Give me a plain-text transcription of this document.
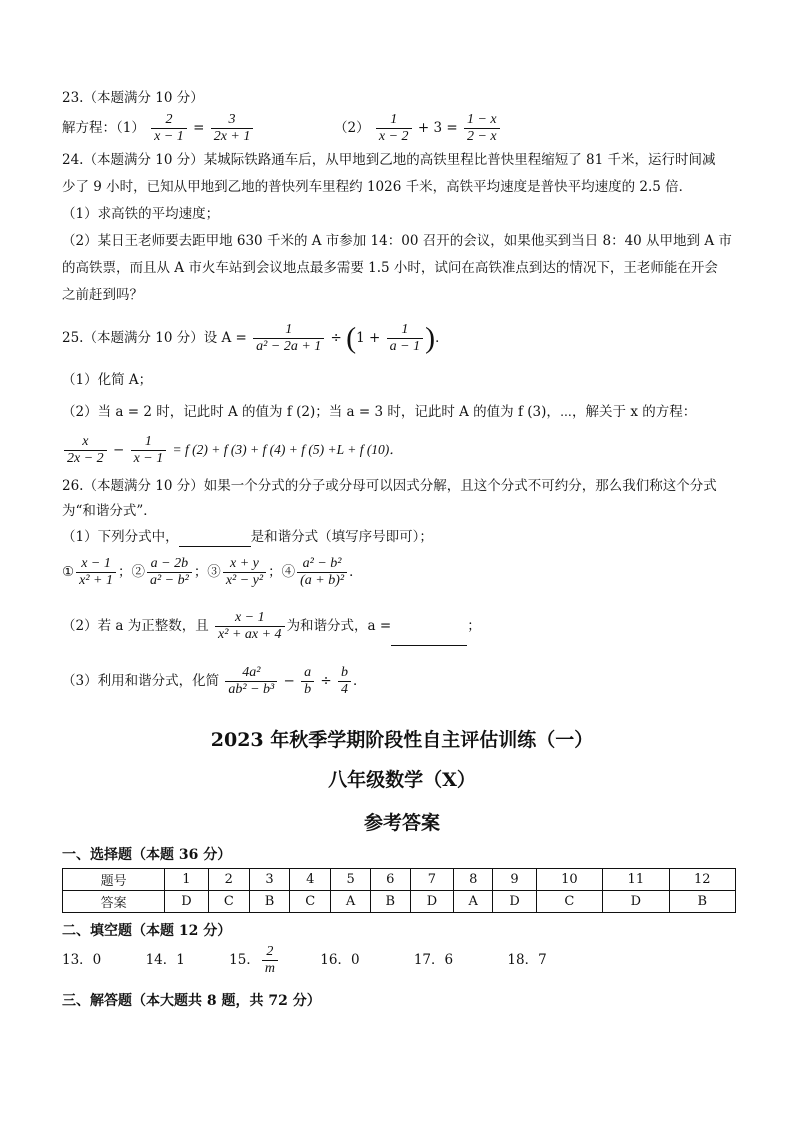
23.（本题满分 10 分）
解方程：$(1) \frac{2}{x - 1} = \frac{3}{2x + 1}$	$(2) \frac{1}{x - 2} + 3 = \frac{1 - x}{2 - x}$
24.（本题满分 10 分）某城际铁路通车后，从甲地到乙地的高铁里程比普快里程缩短了 81 千米，运行时间减
少了 9 小时，已知从甲地到乙地的普快列车里程约 1026 千米，高铁平均速度是普快平均速度的 2.5 倍．
（1）求高铁的平均速度；
（2）某日王老师要去距甲地 630 千米的 A 市参加 14：00 召开的会议，如果他买到当日 8：40 从甲地到 A 市
的高铁票，而且从 A 市火车站到会议地点最多需要 1.5 小时，试问在高铁准点到达的情况下，王老师能在开会
之前赶到吗？
25.（本题满分 10 分）设 $A = \frac{1}{\text{a² − 2a + 1}} \div (1 + \frac{1}{a - 1}$ )．
（1）化简 A；
（2）当 a = 2 时，记此时 A 的值为 f (2)；当 a = 3 时，记此时 A 的值为 f (3)，⋯，解关于 x 的方程：
$\frac{x}{2x - 2} - \frac{1}{x - 1} = f$ (2) + f (3) + f (4) + f (5) +L + f (10)．
26.（本题满分 10 分）如果一个分式的分子或分母可以因式分解，且这个分式不可约分，那么我们称这个分式
为“和谐分式”．
（1）下列分式中，	是和谐分式（填写序号即可）；
① $\frac{x - 1}{\text{x² + 1}}$ ；② $\frac{a - 2b}{\text{a² − b²}}$ ；③ $\frac{x + y}{\text{x² − y²}}$ ；④ $\frac{\text{a² − b²}}{\text{(a + b)²}}$ ．
（2）若 a 为正整数，且 $\frac{x - 1}{\text{x² + ax + 4}}$ 为和谐分式，a =	；
（3）利用和谐分式，化简 $\frac{\text{4a²}}{\text{ab² − b³}} - \frac{a}{b} \div \frac{b}{4}$ ．
2023 年秋季学期阶段性自主评估训练（一）
八年级数学（X）
参考答案
一、选择题（本题 36 分）
题号	1	2	3	4	5	6	7	8	9	10	11	12
答案	D	C	B	C	A	B	D	A	D	C	D	B
二、填空题（本题 12 分）
13．0	14．1	15． $\frac{2}{m}$	16．0	17．6	18．7
三、解答题（本大题共 8 题，共 72 分）
